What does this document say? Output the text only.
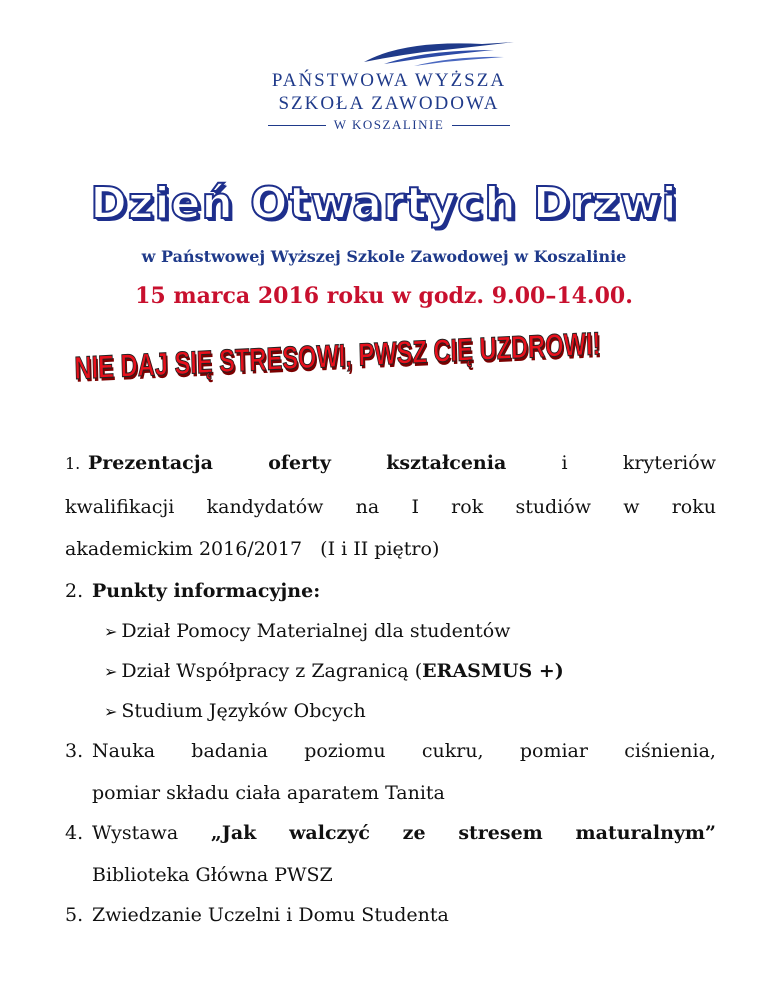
PAŃSTWOWA WYŻSZA
SZKOŁA ZAWODOWA
W KOSZALINIE
Dzień Otwartych Drzwi
w Państwowej Wyższej Szkole Zawodowej w Koszalinie
15 marca 2016 roku w godz. 9.00–14.00.
NIE DAJ SIĘ STRESOWI, PWSZ CIĘ UZDROWI!
1. Prezentacja	oferty	kształcenia	i	kryteriów
kwalifikacji kandydatów na I rok studiów w roku
akademickim 2016/2017   (I i II piętro)
2. Punkty informacyjne:
➢ Dział Pomocy Materialnej dla studentów
➢ Dział Współpracy z Zagranicą (ERASMUS +)
➢ Studium Języków Obcych
3. Nauka badania poziomu cukru, pomiar ciśnienia,
pomiar składu ciała aparatem Tanita
4. Wystawa „Jak walczyć ze stresem maturalnym”
Biblioteka Główna PWSZ
5. Zwiedzanie Uczelni i Domu Studenta
